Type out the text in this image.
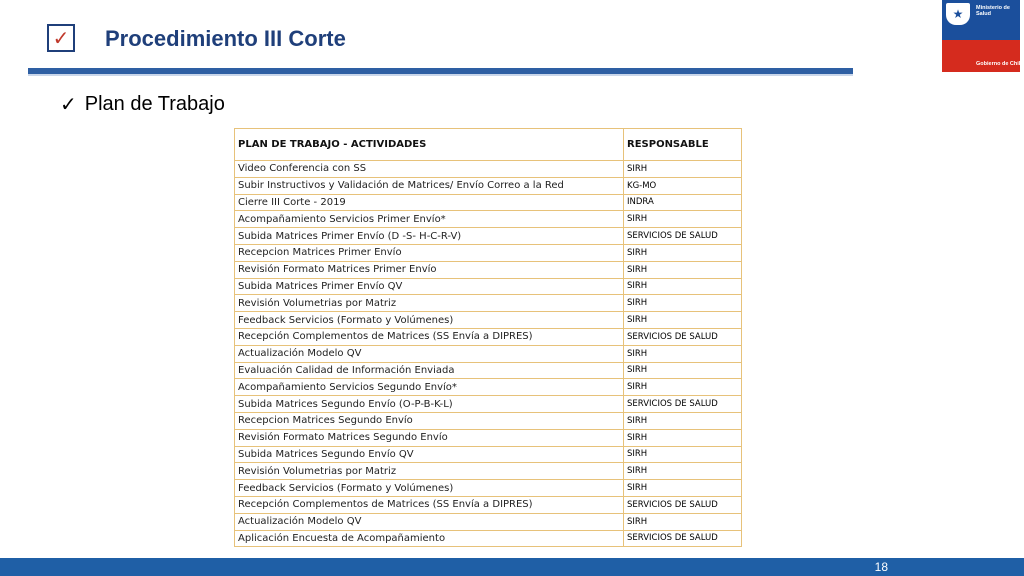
✓ Procedimiento III Corte
★	Ministerio de Salud
Gobierno de Chile
✓ Plan de Trabajo
PLAN DE TRABAJO - ACTIVIDADES	RESPONSABLE
Video Conferencia con SS	SIRH
Subir Instructivos y Validación de Matrices/ Envío Correo a la Red	KG-MO
Cierre III Corte - 2019	INDRA
Acompañamiento Servicios Primer Envío*	SIRH
Subida Matrices Primer Envío (D -S- H-C-R-V)	SERVICIOS DE SALUD
Recepcion Matrices Primer Envío	SIRH
Revisión Formato Matrices Primer Envío	SIRH
Subida Matrices Primer Envío QV	SIRH
Revisión Volumetrias por Matriz	SIRH
Feedback Servicios (Formato y Volúmenes)	SIRH
Recepción Complementos de Matrices (SS Envía a DIPRES)	SERVICIOS DE SALUD
Actualización Modelo QV	SIRH
Evaluación Calidad de Información Enviada	SIRH
Acompañamiento Servicios Segundo Envío*	SIRH
Subida Matrices Segundo Envío (O-P-B-K-L)	SERVICIOS DE SALUD
Recepcion Matrices Segundo Envío	SIRH
Revisión Formato Matrices Segundo Envío	SIRH
Subida Matrices Segundo Envío QV	SIRH
Revisión Volumetrias por Matriz	SIRH
Feedback Servicios (Formato y Volúmenes)	SIRH
Recepción Complementos de Matrices (SS Envía a DIPRES)	SERVICIOS DE SALUD
Actualización Modelo QV	SIRH
Aplicación Encuesta de Acompañamiento	SERVICIOS DE SALUD
18
